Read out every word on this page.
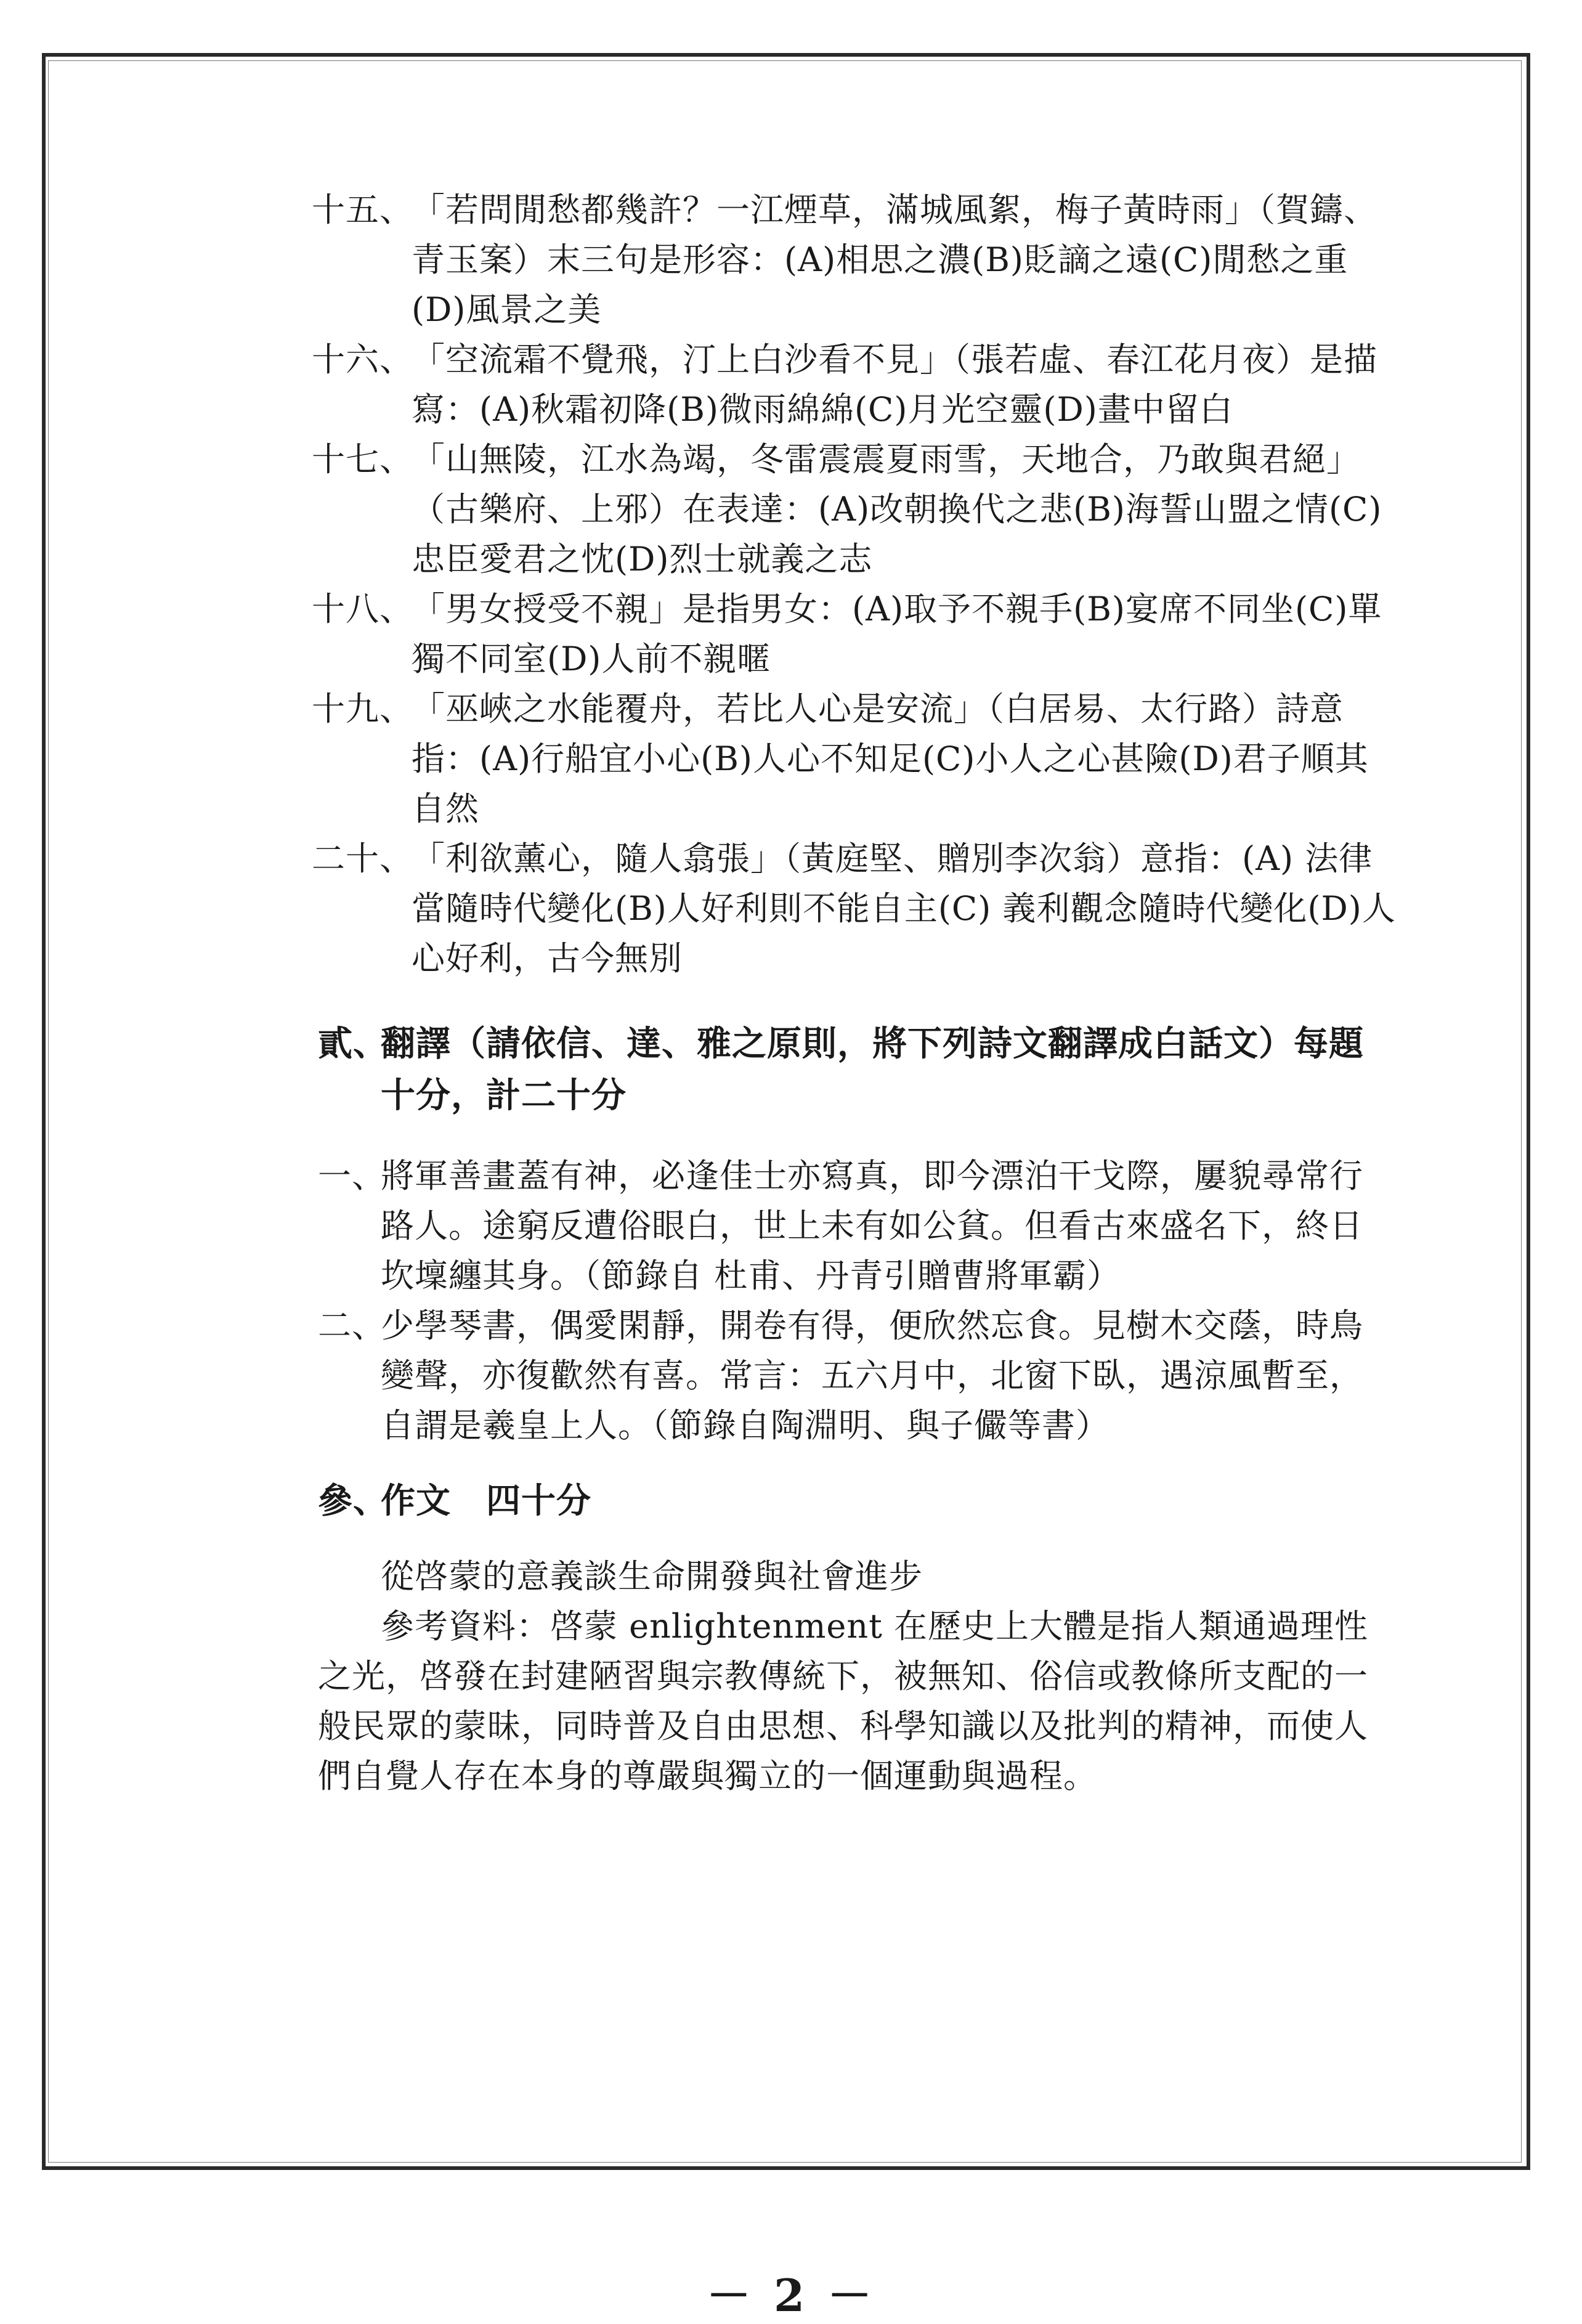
十五、
「若問閒愁都幾許？一江煙草，滿城風絮，梅子黃時雨」（賀鑄、青玉案）末三句是形容：(A)相思之濃(B)貶謫之遠(C)閒愁之重(D)風景之美
十六、
「空流霜不覺飛，汀上白沙看不見」（張若虛、春江花月夜）是描寫：(A)秋霜初降(B)微雨綿綿(C)月光空靈(D)畫中留白
十七、
「山無陵，江水為竭，冬雷震震夏雨雪，天地合，乃敢與君絕」（古樂府、上邪）在表達：(A)改朝換代之悲(B)海誓山盟之情(C)忠臣愛君之忱(D)烈士就義之志
十八、
「男女授受不親」是指男女：(A)取予不親手(B)宴席不同坐(C)單獨不同室(D)人前不親暱
十九、
「巫峽之水能覆舟，若比人心是安流」（白居易、太行路）詩意指：(A)行船宜小心(B)人心不知足(C)小人之心甚險(D)君子順其自然
二十、
「利欲薰心，隨人翕張」（黃庭堅、贈別李次翁）意指：(A) 法律當隨時代變化(B)人好利則不能自主(C) 義利觀念隨時代變化(D)人心好利，古今無別
貳、
翻譯（請依信、達、雅之原則，將下列詩文翻譯成白話文）每題十分，計二十分
一、
將軍善畫蓋有神，必逢佳士亦寫真，即今漂泊干戈際，屢貌尋常行路人。途窮反遭俗眼白，世上未有如公貧。但看古來盛名下，終日坎壈纏其身。（節錄自 杜甫、丹青引贈曹將軍霸）
二、
少學琴書，偶愛閑靜，開卷有得，便欣然忘食。見樹木交蔭，時鳥變聲，亦復歡然有喜。常言：五六月中，北窗下臥，遇涼風暫至，自謂是羲皇上人。（節錄自陶淵明、與子儼等書）
參、
作文　四十分
從啓蒙的意義談生命開發與社會進步
參考資料：啓蒙 enlightenment 在歷史上大體是指人類通過理性之光，啓發在封建陋習與宗教傳統下，被無知、俗信或教條所支配的一般民眾的蒙昧，同時普及自由思想、科學知識以及批判的精神，而使人們自覺人存在本身的尊嚴與獨立的一個運動與過程。
－ 2 －
